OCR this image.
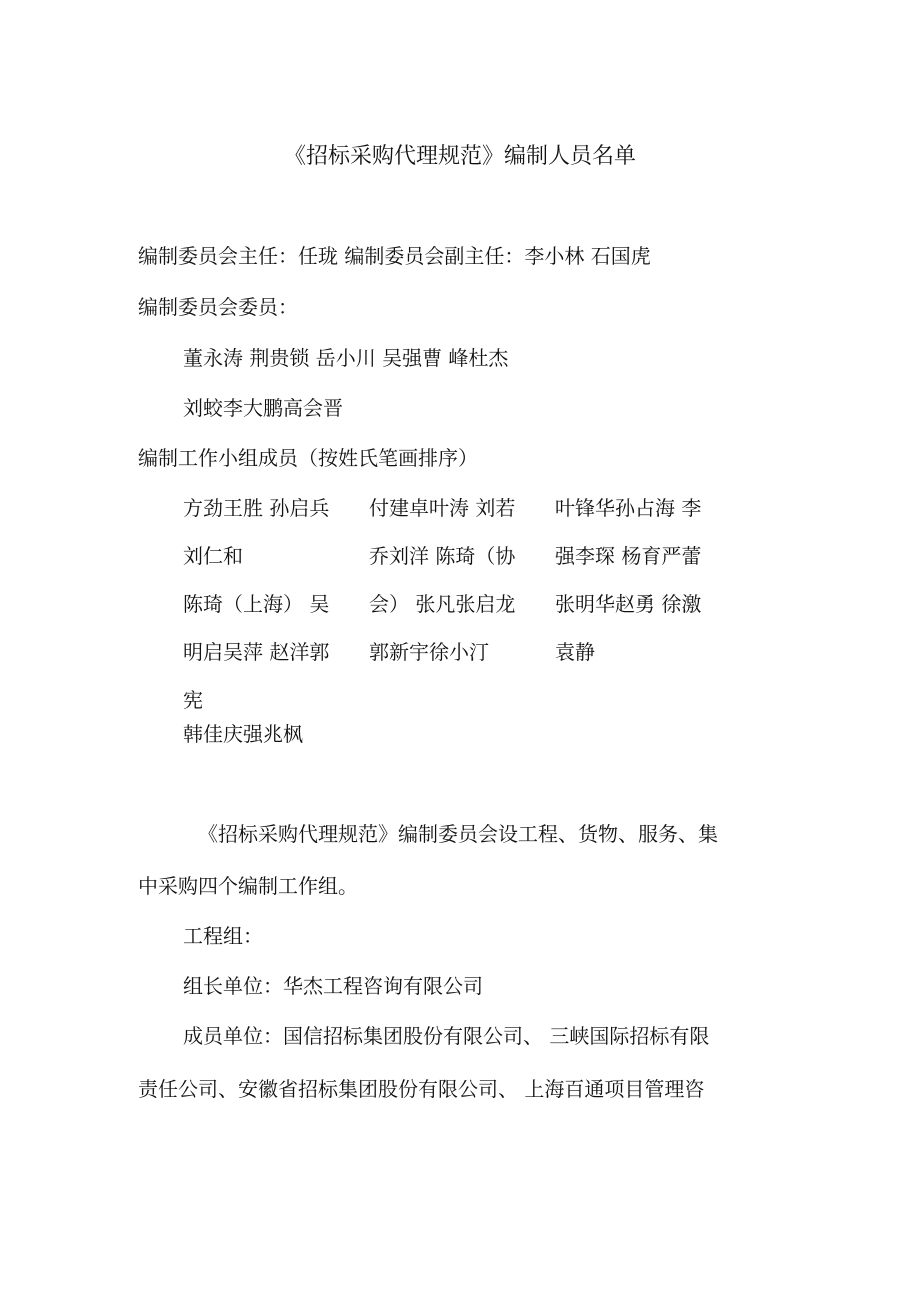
《招标采购代理规范》编制人员名单

编制委员会主任：任珑 编制委员会副主任：李小林 石国虎

编制委员会委员：

董永涛 荆贵锁 岳小川 吴强曹 峰杜杰

刘蛟李大鹏高会晋

编制工作小组成员（按姓氏笔画排序）

方劲王胜 孙启兵
刘仁和
陈琦（上海） 吴
明启吴萍 赵洋郭
宪
韩佳庆强兆枫
付建卓叶涛 刘若
乔刘洋 陈琦（协
会） 张凡张启龙
郭新宇徐小汀
叶锋华孙占海 李
强李琛 杨育严蕾
张明华赵勇 徐激
袁静

《招标采购代理规范》编制委员会设工程、货物、服务、集

中采购四个编制工作组。

工程组：

组长单位：华杰工程咨询有限公司

成员单位：国信招标集团股份有限公司、 三峡国际招标有限

责任公司、安徽省招标集团股份有限公司、 上海百通项目管理咨
